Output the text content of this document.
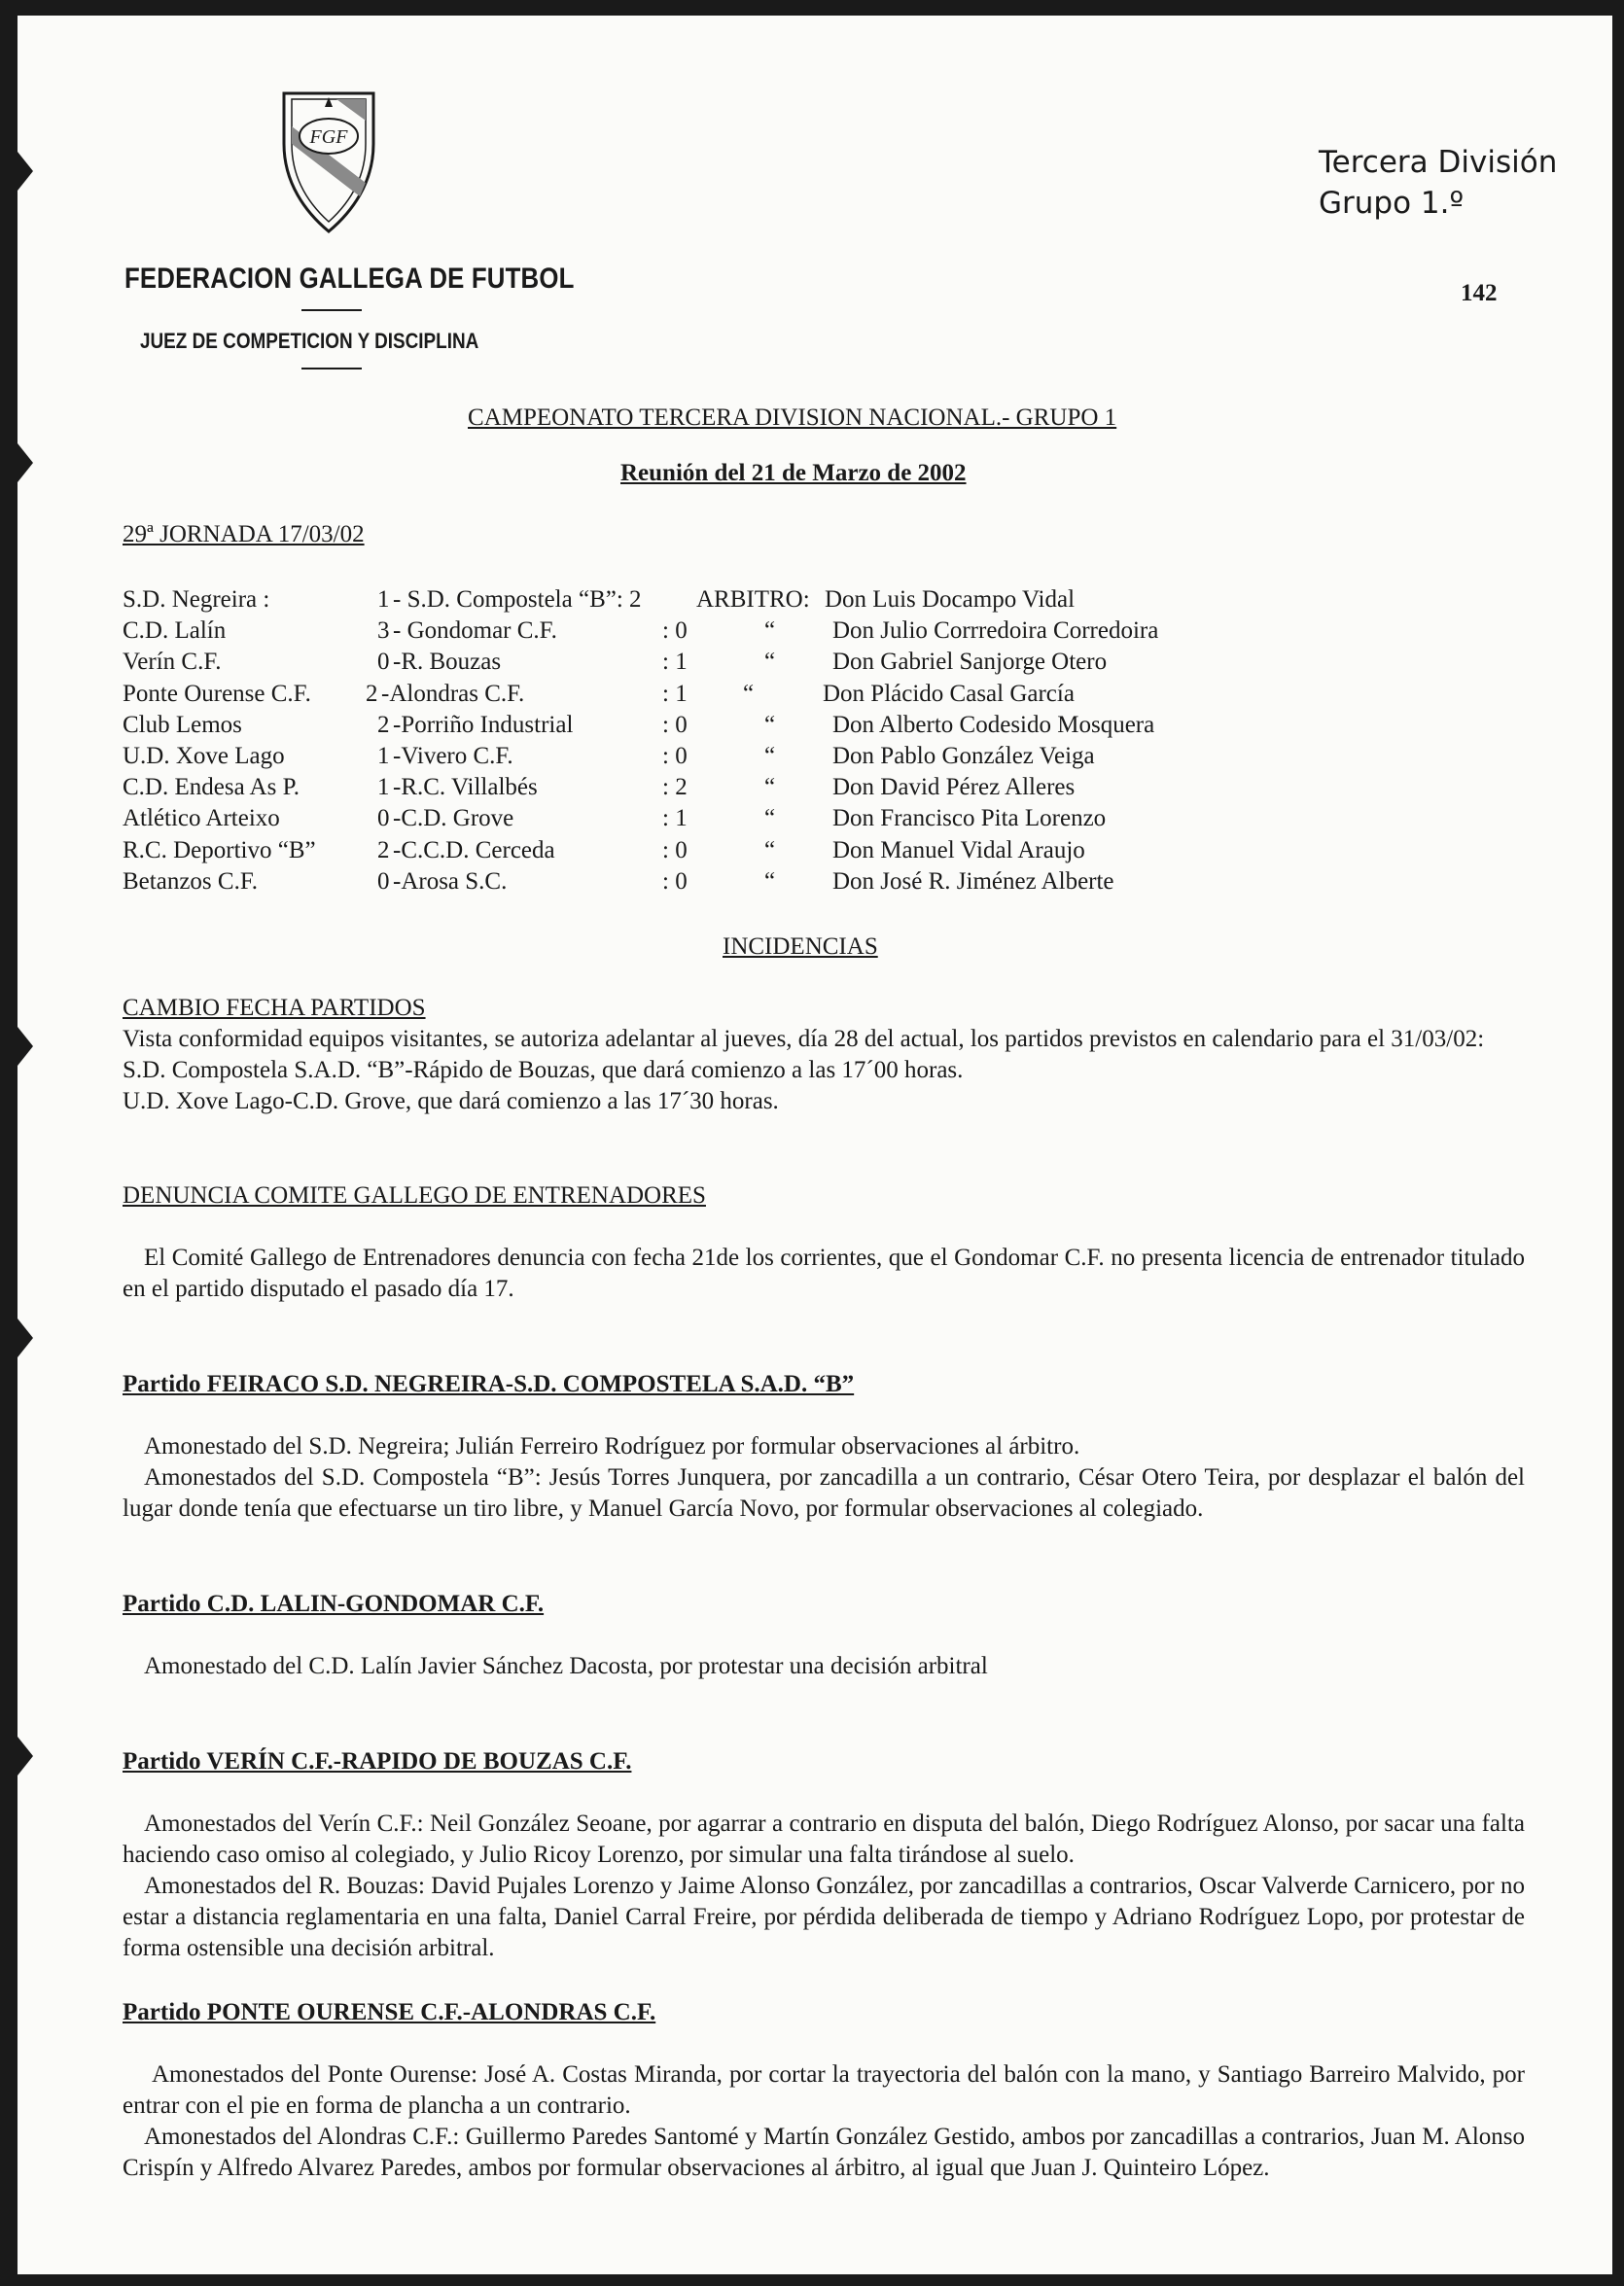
FGF
FEDERACION GALLEGA DE FUTBOL
JUEZ DE COMPETICION Y DISCIPLINA
Tercera División
Grupo 1.º
142
CAMPEONATO TERCERA DIVISION NACIONAL.- GRUPO 1
Reunión del 21 de Marzo de 2002
29ª JORNADA 17/03/02
S.D. Negreira :	1 - S.D. Compostela “B”: 2 ARBITRO: Don Luis Docampo Vidal
C.D. Lalín	3 - Gondomar C.F.	: 0	“ Don Julio Corrredoira Corredoira
Verín C.F.	0 -R. Bouzas	: 1	“ Don Gabriel Sanjorge Otero
Ponte Ourense C.F. 2 -Alondras C.F.	: 1 “	Don Plácido Casal García
Club Lemos	2 -Porriño Industrial	: 0	“ Don Alberto Codesido Mosquera
U.D. Xove Lago	1 -Vivero C.F.	: 0	“ Don Pablo González Veiga
C.D. Endesa As P.	1 -R.C. Villalbés	: 2	“ Don David Pérez Alleres
Atlético Arteixo	0 -C.D. Grove	: 1	“ Don Francisco Pita Lorenzo
R.C. Deportivo “B”	2 -C.C.D. Cerceda	: 0	“ Don Manuel Vidal Araujo
Betanzos C.F.	0 -Arosa S.C.	: 0	“ Don José R. Jiménez Alberte
INCIDENCIAS
CAMBIO FECHA PARTIDOS
Vista conformidad equipos visitantes, se autoriza adelantar al jueves, día 28 del actual, los partidos previstos en calendario para el 31/03/02:
S.D. Compostela S.A.D. “B”-Rápido de Bouzas, que dará comienzo a las 17´00 horas.
U.D. Xove Lago-C.D. Grove, que dará comienzo a las 17´30 horas.
DENUNCIA COMITE GALLEGO DE ENTRENADORES
El Comité Gallego de Entrenadores denuncia con fecha 21de los corrientes, que el Gondomar C.F. no presenta licencia de entrenador titulado en el partido disputado el pasado día 17.
Partido FEIRACO S.D. NEGREIRA-S.D. COMPOSTELA S.A.D. “B”
Amonestado del S.D. Negreira; Julián Ferreiro Rodríguez por formular observaciones al árbitro.
Amonestados del S.D. Compostela “B”: Jesús Torres Junquera, por zancadilla a un contrario, César Otero Teira, por desplazar el balón del lugar donde tenía que efectuarse un tiro libre, y Manuel García Novo, por formular observaciones al colegiado.
Partido C.D. LALIN-GONDOMAR C.F.
Amonestado del C.D. Lalín Javier Sánchez Dacosta, por protestar una decisión arbitral
Partido VERÍN C.F.-RAPIDO DE BOUZAS C.F.
Amonestados del Verín C.F.: Neil González Seoane, por agarrar a contrario en disputa del balón, Diego Rodríguez Alonso, por sacar una falta haciendo caso omiso al colegiado, y Julio Ricoy Lorenzo, por simular una falta tirándose al suelo.
Amonestados del R. Bouzas: David Pujales Lorenzo y Jaime Alonso González, por zancadillas a contrarios, Oscar Valverde Carnicero, por no estar a distancia reglamentaria en una falta, Daniel Carral Freire, por pérdida deliberada de tiempo y Adriano Rodríguez Lopo, por protestar de forma ostensible una decisión arbitral.
Partido PONTE OURENSE C.F.-ALONDRAS C.F.
Amonestados del Ponte Ourense: José A. Costas Miranda, por cortar la trayectoria del balón con la mano, y Santiago Barreiro Malvido, por entrar con el pie en forma de plancha a un contrario.
Amonestados del Alondras C.F.: Guillermo Paredes Santomé y Martín González Gestido, ambos por zancadillas a contrarios, Juan M. Alonso Crispín y Alfredo Alvarez Paredes, ambos por formular observaciones al árbitro, al igual que Juan J. Quinteiro López.
